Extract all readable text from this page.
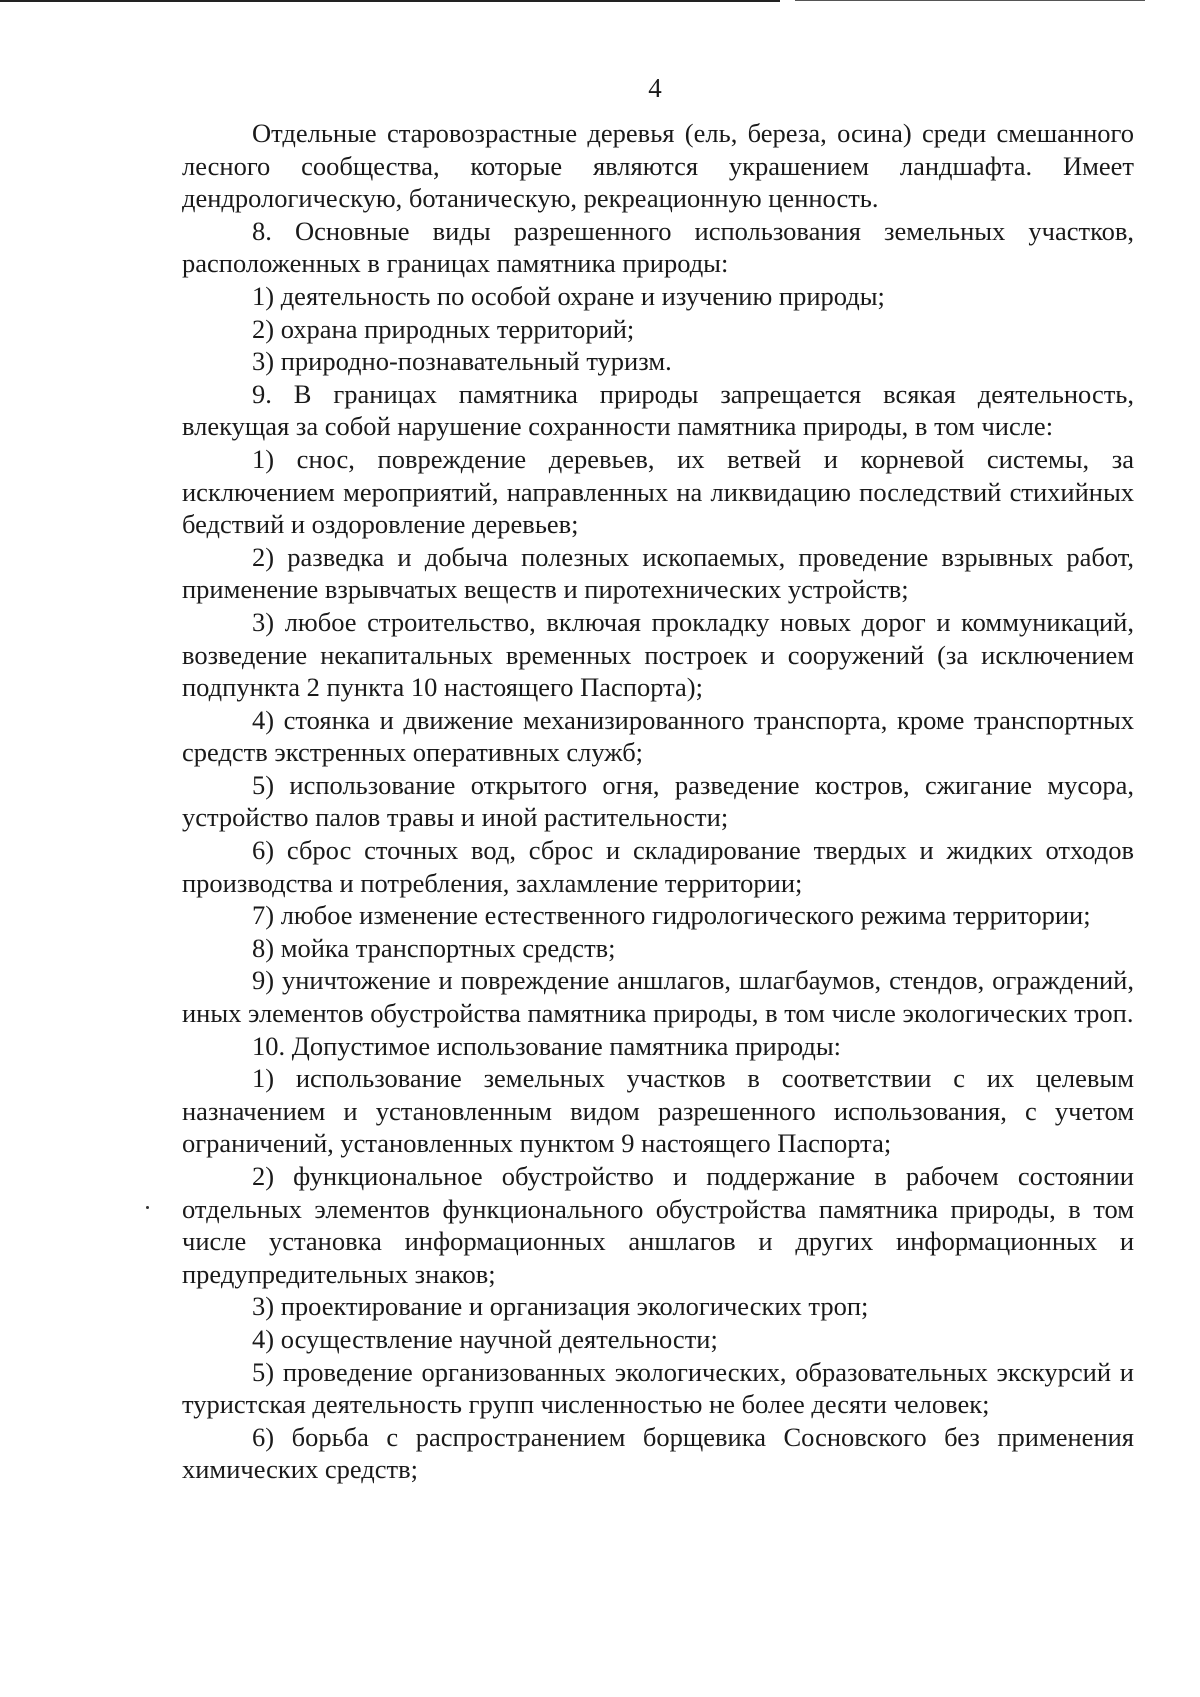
4

Отдельные старовозрастные деревья (ель, береза, осина) среди смешанного лесного сообщества, которые являются украшением ландшафта. Имеет дендрологическую, ботаническую, рекреационную ценность.

8. Основные виды разрешенного использования земельных участков, расположенных в границах памятника природы:

1) деятельность по особой охране и изучению природы;

2) охрана природных территорий;

3) природно-познавательный туризм.

9. В границах памятника природы запрещается всякая деятельность, влекущая за собой нарушение сохранности памятника природы, в том числе:

1) снос, повреждение деревьев, их ветвей и корневой системы, за исключением мероприятий, направленных на ликвидацию последствий стихийных бедствий и оздоровление деревьев;

2) разведка и добыча полезных ископаемых, проведение взрывных работ, применение взрывчатых веществ и пиротехнических устройств;

3) любое строительство, включая прокладку новых дорог и коммуникаций, возведение некапитальных временных построек и сооружений (за исключением подпункта 2 пункта 10 настоящего Паспорта);

4) стоянка и движение механизированного транспорта, кроме транспортных средств экстренных оперативных служб;

5) использование открытого огня, разведение костров, сжигание мусора, устройство палов травы и иной растительности;

6) сброс сточных вод, сброс и складирование твердых и жидких отходов производства и потребления, захламление территории;

7) любое изменение естественного гидрологического режима территории;

8) мойка транспортных средств;

9) уничтожение и повреждение аншлагов, шлагбаумов, стендов, ограждений, иных элементов обустройства памятника природы, в том числе экологических троп.

10. Допустимое использование памятника природы:

1) использование земельных участков в соответствии с их целевым назначением и установленным видом разрешенного использования, с учетом ограничений, установленных пунктом 9 настоящего Паспорта;

2) функциональное обустройство и поддержание в рабочем состоянии отдельных элементов функционального обустройства памятника природы, в том числе установка информационных аншлагов и других информационных и предупредительных знаков;

3) проектирование и организация экологических троп;

4) осуществление научной деятельности;

5) проведение организованных экологических, образовательных экскурсий и туристская деятельность групп численностью не более десяти человек;

6) борьба с распространением борщевика Сосновского без применения химических средств;
